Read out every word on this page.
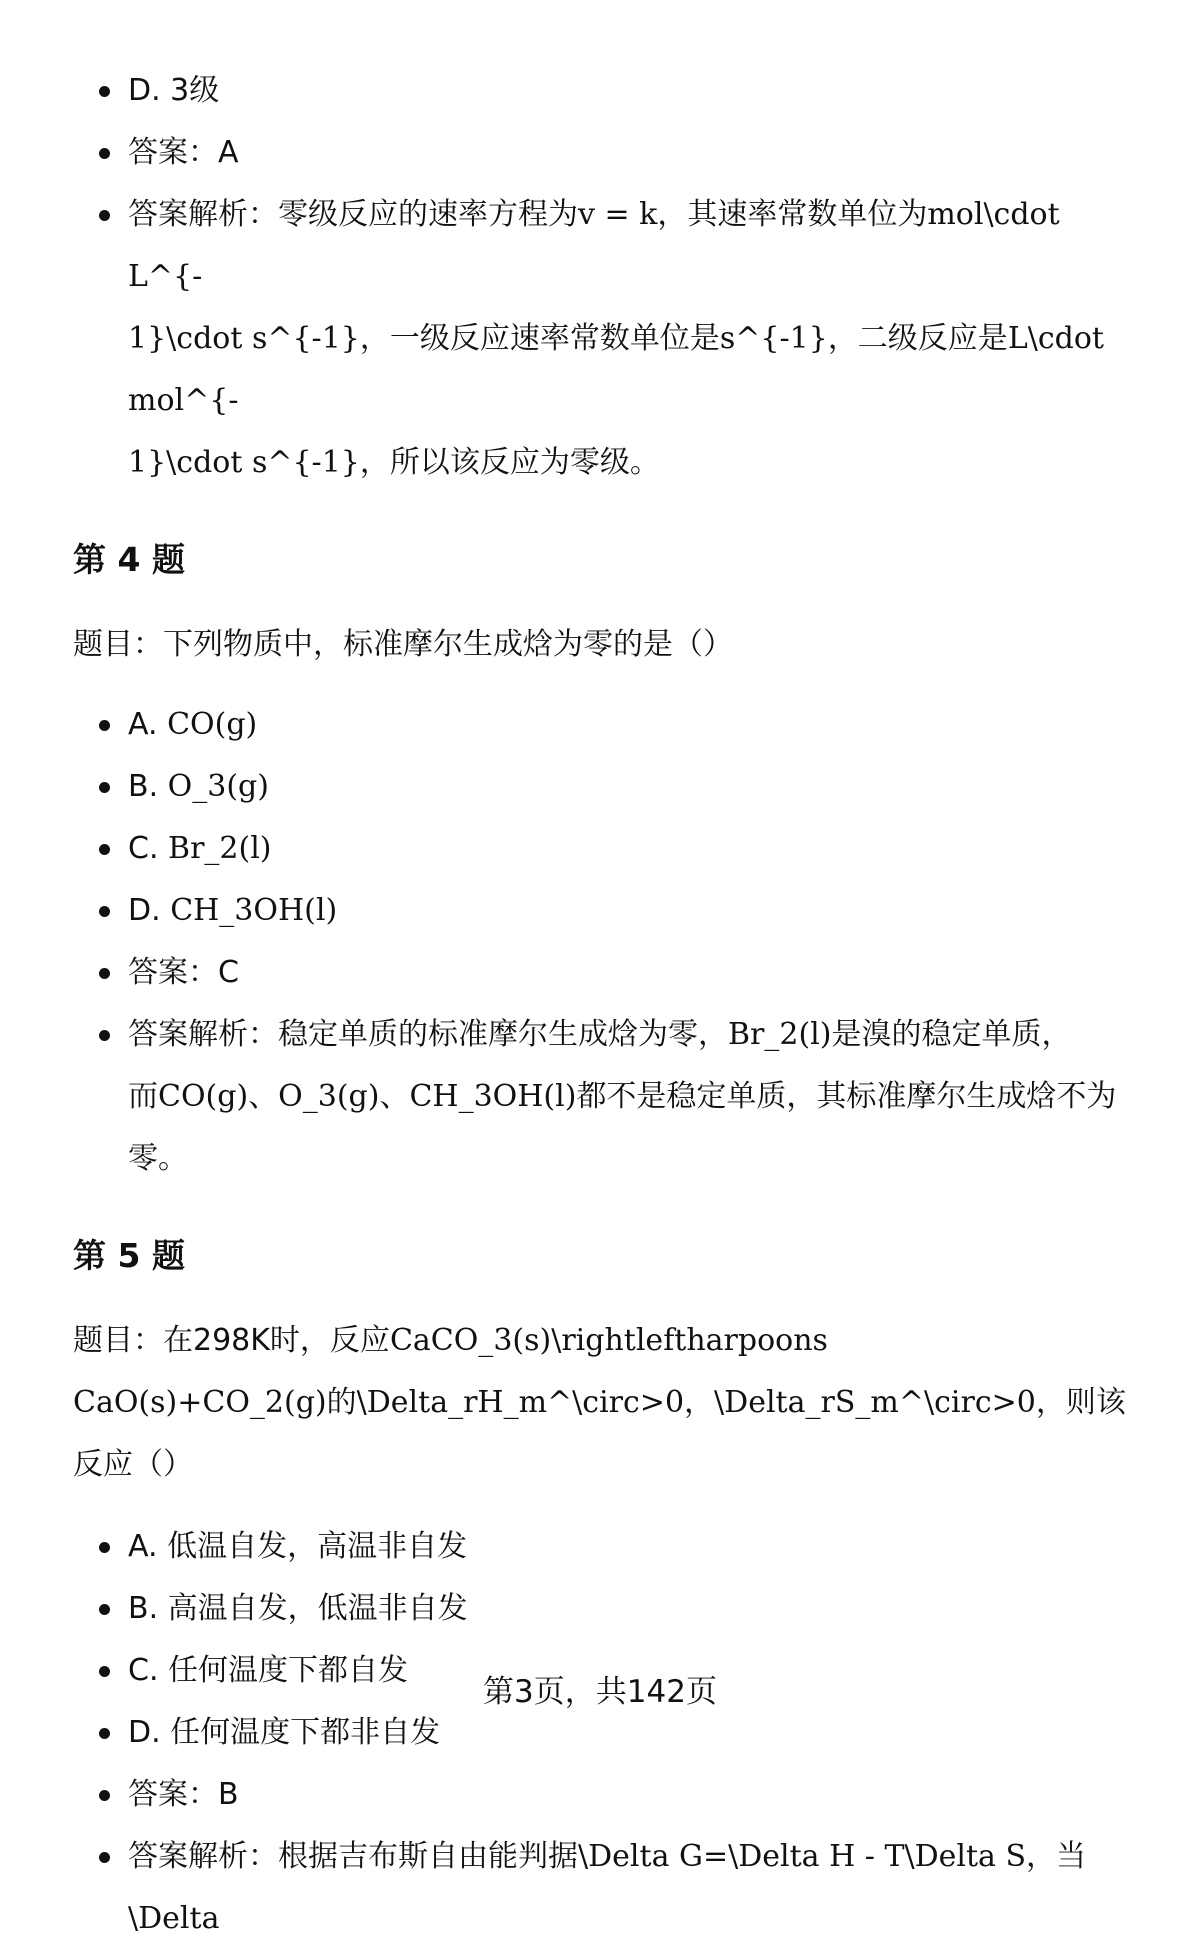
D. 3级
答案：A
答案解析：零级反应的速率方程为v = k，其速率常数单位为mol\cdot L^{-
1}\cdot s^{-1}，一级反应速率常数单位是s^{-1}，二级反应是L\cdot mol^{-
1}\cdot s^{-1}，所以该反应为零级。
第 4 题

题目：下列物质中，标准摩尔生成焓为零的是（）

A. CO(g)
B. O_3(g)
C. Br_2(l)
D. CH_3OH(l)
答案：C
答案解析：稳定单质的标准摩尔生成焓为零，Br_2(l)是溴的稳定单质，
而CO(g)、O_3(g)、CH_3OH(l)都不是稳定单质，其标准摩尔生成焓不为零。
第 5 题

题目：在298K时，反应CaCO_3(s)\rightleftharpoons
CaO(s)+CO_2(g)的\Delta_rH_m^\circ>0，\Delta_rS_m^\circ>0，则该反应（）

A. 低温自发，高温非自发
B. 高温自发，低温非自发
C. 任何温度下都自发
D. 任何温度下都非自发
答案：B
答案解析：根据吉布斯自由能判据\Delta G=\Delta H - T\Delta S，当\Delta
第3页，共142页
